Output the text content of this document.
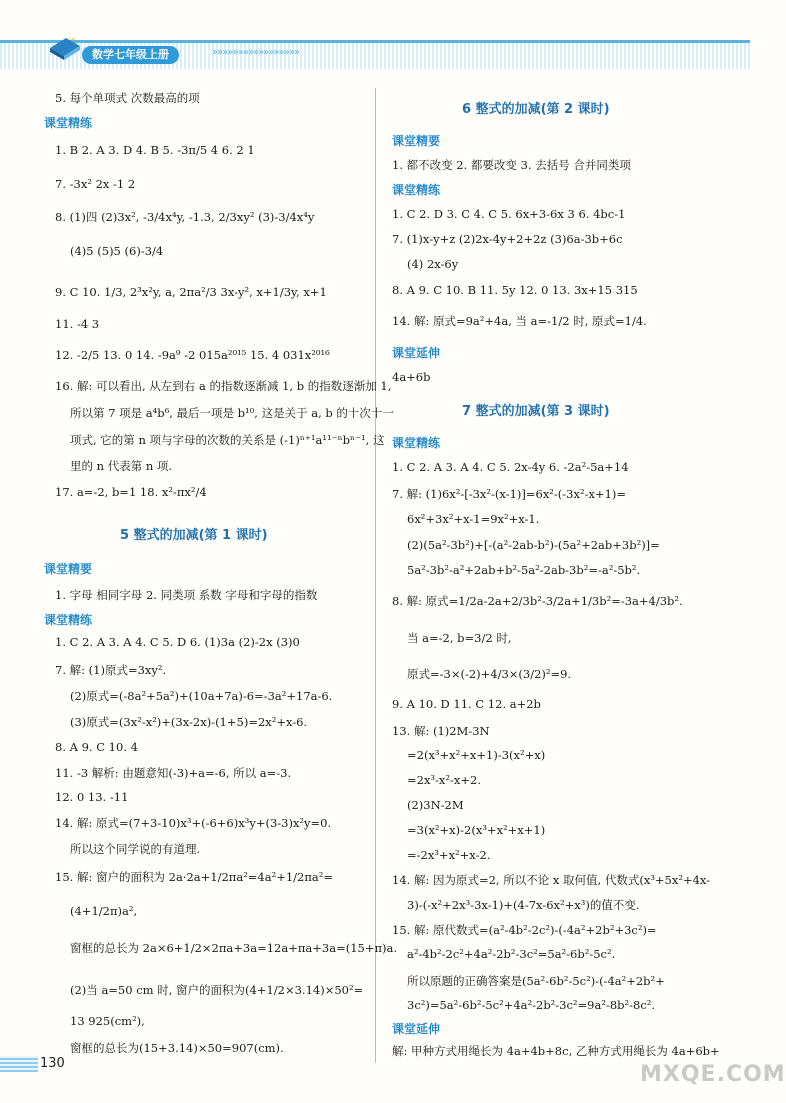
数学七年级上册	»»»»»»»»»»»»»»»»»
5. 每个单项式 次数最高的项
课堂精练
1. B 2. A 3. D 4. B 5. -3π/5 4 6. 2 1
7. -3x² 2x -1 2
8. (1)四 (2)3x², -3/4x⁴y, -1.3, 2/3xy² (3)-3/4x⁴y
(4)5 (5)5 (6)-3/4
9. C 10. 1/3, 2³x²y, a, 2πa²/3 3x-y², x+1/3y, x+1
11. -4 3
12. -2/5 13. 0 14. -9a⁹ -2 015a²⁰¹⁵ 15. 4 031x²⁰¹⁶
16. 解: 可以看出, 从左到右 a 的指数逐渐减 1, b 的指数逐渐加 1,
所以第 7 项是 a⁴b⁶, 最后一项是 b¹⁰, 这是关于 a, b 的十次十一
项式, 它的第 n 项与字母的次数的关系是 (-1)ⁿ⁺¹a¹¹⁻ⁿbⁿ⁻¹, 这
里的 n 代表第 n 项.
17. a=-2, b=1 18. x²-πx²/4
5 整式的加减(第 1 课时)
课堂精要
1. 字母 相同字母 2. 同类项 系数 字母和字母的指数
课堂精练
1. C 2. A 3. A 4. C 5. D 6. (1)3a (2)-2x (3)0
7. 解: (1)原式=3xy².
(2)原式=(-8a²+5a²)+(10a+7a)-6=-3a²+17a-6.
(3)原式=(3x²-x²)+(3x-2x)-(1+5)=2x²+x-6.
8. A 9. C 10. 4
11. -3 解析: 由题意知(-3)+a=-6, 所以 a=-3.
12. 0 13. -11
14. 解: 原式=(7+3-10)x³+(-6+6)x³y+(3-3)x²y=0.
所以这个同学说的有道理.
15. 解: 窗户的面积为 2a·2a+1/2πa²=4a²+1/2πa²=
(4+1/2π)a²,
窗框的总长为 2a×6+1/2×2πa+3a=12a+πa+3a=(15+π)a.
(2)当 a=50 cm 时, 窗户的面积为(4+1/2×3.14)×50²=
13 925(cm²),
窗框的总长为(15+3.14)×50=907(cm).
6 整式的加减(第 2 课时)
课堂精要
1. 都不改变 2. 都要改变 3. 去括号 合并同类项
课堂精练
1. C 2. D 3. C 4. C 5. 6x+3-6x 3 6. 4bc-1
7. (1)x-y+z (2)2x-4y+2+2z (3)6a-3b+6c
(4) 2x-6y
8. A 9. C 10. B 11. 5y 12. 0 13. 3x+15 315
14. 解: 原式=9a²+4a, 当 a=-1/2 时, 原式=1/4.
课堂延伸
4a+6b
7 整式的加减(第 3 课时)
课堂精练
1. C 2. A 3. A 4. C 5. 2x-4y 6. -2a²-5a+14
7. 解: (1)6x²-[-3x²-(x-1)]=6x²-(-3x²-x+1)=
6x²+3x²+x-1=9x²+x-1.
(2)(5a²-3b²)+[-(a²-2ab-b²)-(5a²+2ab+3b²)]=
5a²-3b²-a²+2ab+b²-5a²-2ab-3b²=-a²-5b².
8. 解: 原式=1/2a-2a+2/3b²-3/2a+1/3b²=-3a+4/3b².
当 a=-2, b=3/2 时,
原式=-3×(-2)+4/3×(3/2)²=9.
9. A 10. D 11. C 12. a+2b
13. 解: (1)2M-3N
=2(x³+x²+x+1)-3(x²+x)
=2x³-x²-x+2.
(2)3N-2M
=3(x²+x)-2(x³+x²+x+1)
=-2x³+x²+x-2.
14. 解: 因为原式=2, 所以不论 x 取何值, 代数式(x³+5x²+4x-
3)-(-x²+2x³-3x-1)+(4-7x-6x²+x³)的值不变.
15. 解: 原代数式=(a²-4b²-2c²)-(-4a²+2b²+3c²)=
a²-4b²-2c²+4a²-2b²-3c²=5a²-6b²-5c².
所以原题的正确答案是(5a²-6b²-5c²)-(-4a²+2b²+
3c²)=5a²-6b²-5c²+4a²-2b²-3c²=9a²-8b²-8c².
课堂延伸
解: 甲种方式用绳长为 4a+4b+8c, 乙种方式用绳长为 4a+6b+
130	MXQE.COM
